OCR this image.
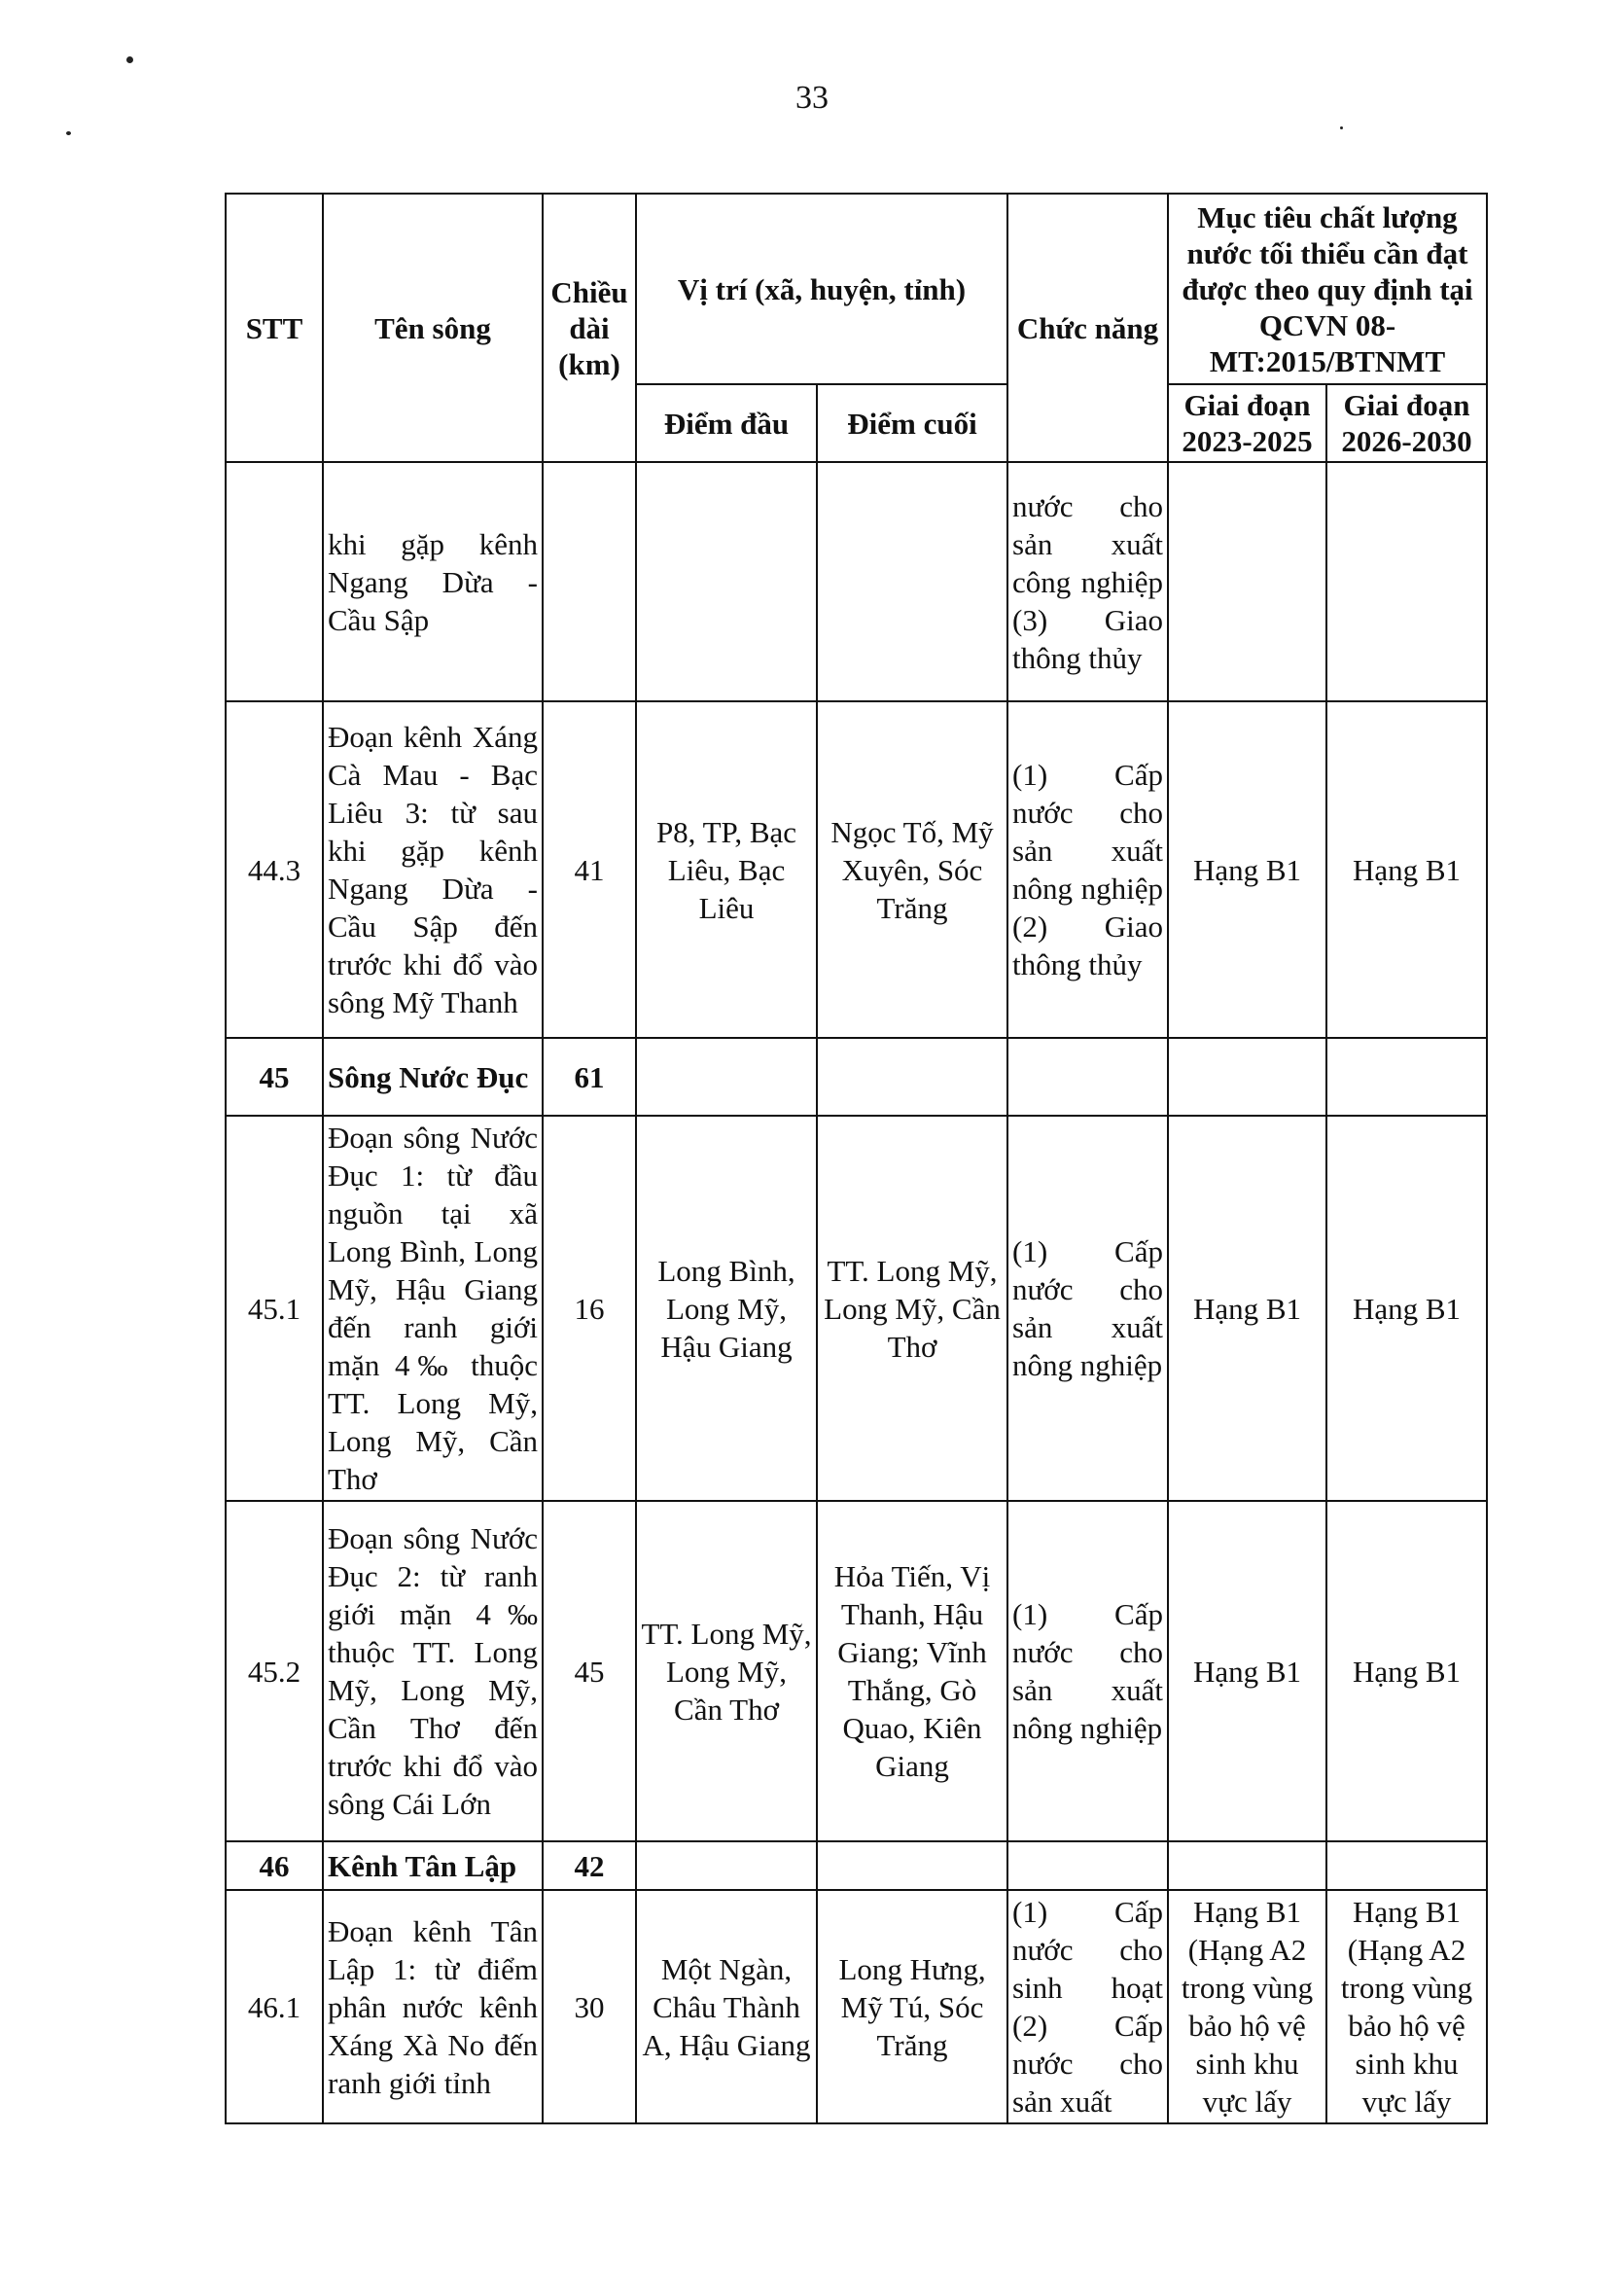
33
STT	Tên sông	Chiều dài (km)	Vị trí (xã, huyện, tỉnh)		Chức năng	Mục tiêu chất lượng nước tối thiểu cần đạt được theo quy định tại QCVN 08-MT:2015/BTNMT	
			Điểm đầu	Điểm cuối		Giai đoạn 2023-2025	Giai đoạn 2026-2030
	khi gặp kênh Ngang Dừa - Cầu Sập				nước cho sản xuất công nghiệp (3) Giao thông thủy		
44.3	Đoạn kênh Xáng Cà Mau - Bạc Liêu 3: từ sau khi gặp kênh Ngang Dừa - Cầu Sập đến trước khi đổ vào sông Mỹ Thanh	41	P8, TP, Bạc Liêu, Bạc Liêu	Ngọc Tố, Mỹ Xuyên, Sóc Trăng	(1) Cấp nước cho sản xuất nông nghiệp (2) Giao thông thủy	Hạng B1	Hạng B1
45	Sông Nước Đục	61					
45.1	Đoạn sông Nước Đục 1: từ đầu nguồn tại xã Long Bình, Long Mỹ, Hậu Giang đến ranh giới mặn 4‰ thuộc TT. Long Mỹ, Long Mỹ, Cần Thơ	16	Long Bình, Long Mỹ, Hậu Giang	TT. Long Mỹ, Long Mỹ, Cần Thơ	(1) Cấp nước cho sản xuất nông nghiệp	Hạng B1	Hạng B1
45.2	Đoạn sông Nước Đục 2: từ ranh giới mặn 4‰ thuộc TT. Long Mỹ, Long Mỹ, Cần Thơ đến trước khi đổ vào sông Cái Lớn	45	TT. Long Mỹ, Long Mỹ, Cần Thơ	Hỏa Tiến, Vị Thanh, Hậu Giang; Vĩnh Thắng, Gò Quao, Kiên Giang	(1) Cấp nước cho sản xuất nông nghiệp	Hạng B1	Hạng B1
46	Kênh Tân Lập	42					
46.1	Đoạn kênh Tân Lập 1: từ điểm phân nước kênh Xáng Xà No đến ranh giới tỉnh	30	Một Ngàn, Châu Thành A, Hậu Giang	Long Hưng, Mỹ Tú, Sóc Trăng	(1) Cấp nước cho sinh hoạt (2) Cấp nước cho sản xuất	Hạng B1 (Hạng A2 trong vùng bảo hộ vệ sinh khu vực lấy	Hạng B1 (Hạng A2 trong vùng bảo hộ vệ sinh khu vực lấy
